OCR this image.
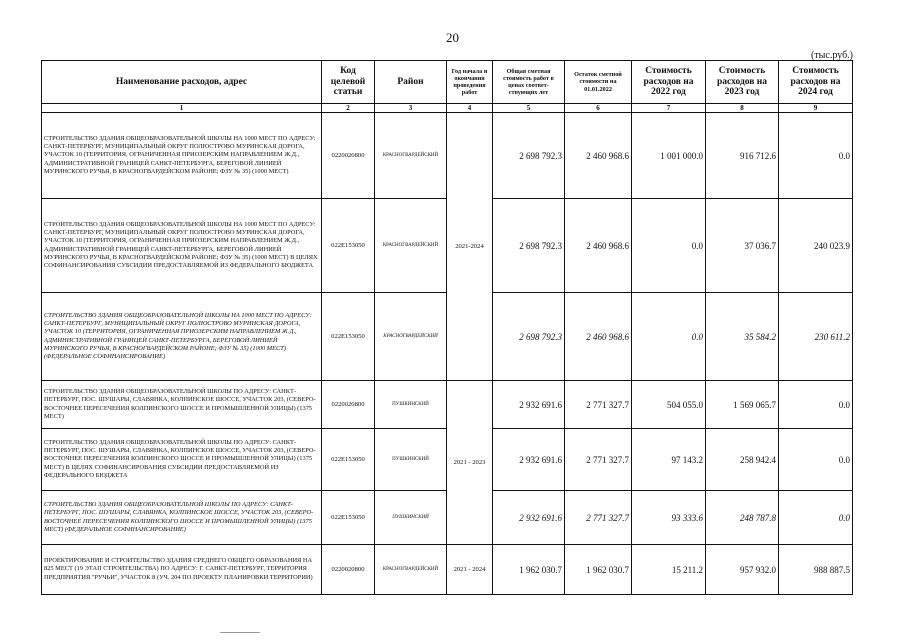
20
(тыс.руб.)
Наименование расходов, адрес	Код целевой статьи	Район	Год начала и окончания проведения работ	Общая сметная стоимость работ в ценах соответ-ствующих лет	Остаток сметной стоимости на 01.01.2022	Стоимость расходов на 2022 год	Стоимость расходов на 2023 год	Стоимость расходов на 2024 год
1	2	3	4	5	6	7	8	9
СТРОИТЕЛЬСТВО ЗДАНИЯ ОБЩЕОБРАЗОВАТЕЛЬНОЙ ШКОЛЫ НА 1000 МЕСТ ПО АДРЕСУ: САНКТ-ПЕТЕРБУРГ, МУНИЦИПАЛЬНЫЙ ОКРУГ ПОЛЮСТРОВО МУРИНСКАЯ ДОРОГА, УЧАСТОК 10 (ТЕРРИТОРИЯ, ОГРАНИЧЕННАЯ ПРИОЗЕРСКИМ НАПРАВЛЕНИЕМ Ж.Д., АДМИНИСТРАТИВНОЙ ГРАНИЦЕЙ САНКТ-ПЕТЕРБУРГА, БЕРЕГОВОЙ ЛИНИЕЙ МУРИНСКОГО РУЧЬЯ, В КРАСНОГВАРДЕЙСКОМ РАЙОНЕ; ФЗУ № 35) (1000 МЕСТ)	0220020800	КРАСНОГВАРДЕЙСКИЙ	2021-2024	2 698 792.3	2 460 968.6	1 001 000.0	916 712.6	0.0
СТРОИТЕЛЬСТВО ЗДАНИЯ ОБЩЕОБРАЗОВАТЕЛЬНОЙ ШКОЛЫ НА 1000 МЕСТ ПО АДРЕСУ: САНКТ-ПЕТЕРБУРГ, МУНИЦИПАЛЬНЫЙ ОКРУГ ПОЛЮСТРОВО МУРИНСКАЯ ДОРОГА, УЧАСТОК 10 (ТЕРРИТОРИЯ, ОГРАНИЧЕННАЯ ПРИОЗЕРСКИМ НАПРАВЛЕНИЕМ Ж.Д., АДМИНИСТРАТИВНОЙ ГРАНИЦЕЙ САНКТ-ПЕТЕРБУРГА, БЕРЕГОВОЙ ЛИНИЕЙ МУРИНСКОГО РУЧЬЯ, В КРАСНОГВАРДЕЙСКОМ РАЙОНЕ; ФЗУ № 35) (1000 МЕСТ) В ЦЕЛЯХ СОФИНАНСИРОВАНИЯ СУБСИДИИ ПРЕДОСТАВЛЯЕМОЙ ИЗ ФЕДЕРАЛЬНОГО БЮДЖЕТА	022E153050	КРАСНОГВАРДЕЙСКИЙ		2 698 792.3	2 460 968.6	0.0	37 036.7	240 023.9
СТРОИТЕЛЬСТВО ЗДАНИЯ ОБЩЕОБРАЗОВАТЕЛЬНОЙ ШКОЛЫ НА 1000 МЕСТ ПО АДРЕСУ: САНКТ-ПЕТЕРБУРГ, МУНИЦИПАЛЬНЫЙ ОКРУГ ПОЛЮСТРОВО МУРИНСКАЯ ДОРОГА, УЧАСТОК 10 (ТЕРРИТОРИЯ, ОГРАНИЧЕННАЯ ПРИОЗЕРСКИМ НАПРАВЛЕНИЕМ Ж.Д., АДМИНИСТРАТИВНОЙ ГРАНИЦЕЙ САНКТ-ПЕТЕРБУРГА, БЕРЕГОВОЙ ЛИНИЕЙ МУРИНСКОГО РУЧЬЯ, В КРАСНОГВАРДЕЙСКОМ РАЙОНЕ; ФЗУ № 35) (1000 МЕСТ) (ФЕДЕРАЛЬНОЕ СОФИНАНСИРОВАНИЕ)	022E153050	КРАСНОГВАРДЕЙСКИЙ		2 698 792.3	2 460 968.6	0.0	35 584.2	230 611.2
СТРОИТЕЛЬСТВО ЗДАНИЯ ОБЩЕОБРАЗОВАТЕЛЬНОЙ ШКОЛЫ ПО АДРЕСУ: САНКТ-ПЕТЕРБУРГ, ПОС. ШУШАРЫ, СЛАВЯНКА, КОЛПИНСКОЕ ШОССЕ, УЧАСТОК 203, (СЕВЕРО-ВОСТОЧНЕЕ ПЕРЕСЕЧЕНИЯ КОЛПИНСКОГО ШОССЕ И ПРОМЫШЛЕННОЙ УЛИЦЫ) (1375 МЕСТ)	0220020800	ПУШКИНСКИЙ	2021 - 2023	2 932 691.6	2 771 327.7	504 055.0	1 569 065.7	0.0
СТРОИТЕЛЬСТВО ЗДАНИЯ ОБЩЕОБРАЗОВАТЕЛЬНОЙ ШКОЛЫ ПО АДРЕСУ: САНКТ-ПЕТЕРБУРГ, ПОС. ШУШАРЫ, СЛАВЯНКА, КОЛПИНСКОЕ ШОССЕ, УЧАСТОК 203, (СЕВЕРО-ВОСТОЧНЕЕ ПЕРЕСЕЧЕНИЯ КОЛПИНСКОГО ШОССЕ И ПРОМЫШЛЕННОЙ УЛИЦЫ) (1375 МЕСТ) В ЦЕЛЯХ СОФИНАНСИРОВАНИЯ СУБСИДИИ ПРЕДОСТАВЛЯЕМОЙ ИЗ ФЕДЕРАЛЬНОГО БЮДЖЕТА	022E153050	ПУШКИНСКИЙ		2 932 691.6	2 771 327.7	97 143.2	258 942.4	0.0
СТРОИТЕЛЬСТВО ЗДАНИЯ ОБЩЕОБРАЗОВАТЕЛЬНОЙ ШКОЛЫ ПО АДРЕСУ: САНКТ-ПЕТЕРБУРГ, ПОС. ШУШАРЫ, СЛАВЯНКА, КОЛПИНСКОЕ ШОССЕ, УЧАСТОК 203, (СЕВЕРО-ВОСТОЧНЕЕ ПЕРЕСЕЧЕНИЯ КОЛПИНСКОГО ШОССЕ И ПРОМЫШЛЕННОЙ УЛИЦЫ) (1375 МЕСТ) (ФЕДЕРАЛЬНОЕ СОФИНАНСИРОВАНИЕ)	022E153050	ПУШКИНСКИЙ		2 932 691.6	2 771 327.7	93 333.6	248 787.8	0.0
ПРОЕКТИРОВАНИЕ И СТРОИТЕЛЬСТВО ЗДАНИЯ СРЕДНЕГО ОБЩЕГО ОБРАЗОВАНИЯ НА 825 МЕСТ (19 ЭТАП СТРОИТЕЛЬСТВА) ПО АДРЕСУ: Г. САНКТ-ПЕТЕРБУРГ, ТЕРРИТОРИЯ ПРЕДПРИЯТИЯ "РУЧЬИ", УЧАСТОК 8 (УЧ. 204 ПО ПРОЕКТУ ПЛАНИРОВКИ ТЕРРИТОРИИ)	0220020800	КРАСНОГВАРДЕЙСКИЙ	2021 - 2024	1 962 030.7	1 962 030.7	15 211.2	957 932.0	988 887.5
